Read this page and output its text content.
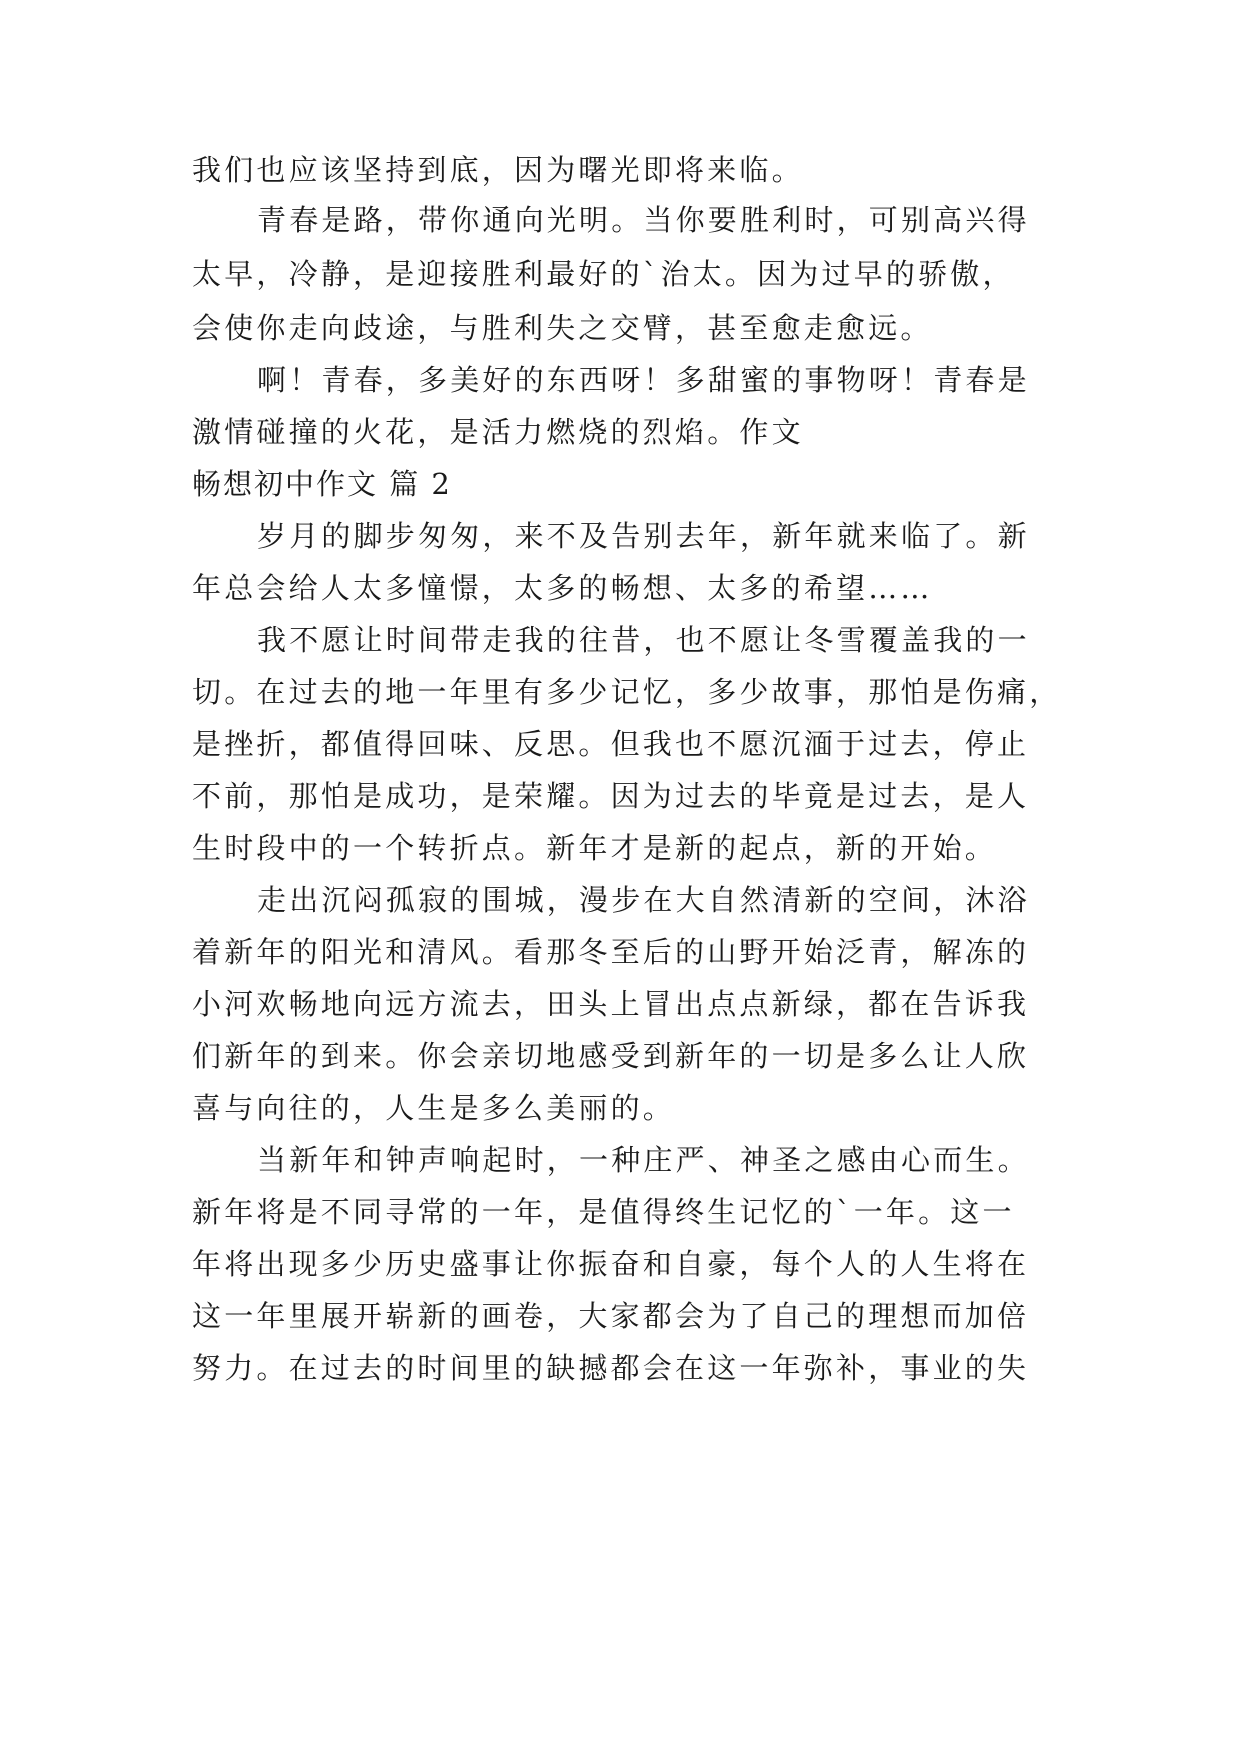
我们也应该坚持到底，因为曙光即将来临。

青春是路，带你通向光明。当你要胜利时，可别高兴得

太早，冷静，是迎接胜利最好的`治太。因为过早的骄傲，

会使你走向歧途，与胜利失之交臂，甚至愈走愈远。

啊！青春，多美好的东西呀！多甜蜜的事物呀！青春是

激情碰撞的火花，是活力燃烧的烈焰。作文

畅想初中作文 篇 2

岁月的脚步匆匆，来不及告别去年，新年就来临了。新

年总会给人太多憧憬，太多的畅想、太多的希望……

我不愿让时间带走我的往昔，也不愿让冬雪覆盖我的一

切。在过去的地一年里有多少记忆，多少故事，那怕是伤痛，

是挫折，都值得回味、反思。但我也不愿沉湎于过去，停止

不前，那怕是成功，是荣耀。因为过去的毕竟是过去，是人

生时段中的一个转折点。新年才是新的起点，新的开始。

走出沉闷孤寂的围城，漫步在大自然清新的空间，沐浴

着新年的阳光和清风。看那冬至后的山野开始泛青，解冻的

小河欢畅地向远方流去，田头上冒出点点新绿，都在告诉我

们新年的到来。你会亲切地感受到新年的一切是多么让人欣

喜与向往的，人生是多么美丽的。

当新年和钟声响起时，一种庄严、神圣之感由心而生。

新年将是不同寻常的一年，是值得终生记忆的`一年。这一

年将出现多少历史盛事让你振奋和自豪，每个人的人生将在

这一年里展开崭新的画卷，大家都会为了自己的理想而加倍

努力。在过去的时间里的缺撼都会在这一年弥补，事业的失
